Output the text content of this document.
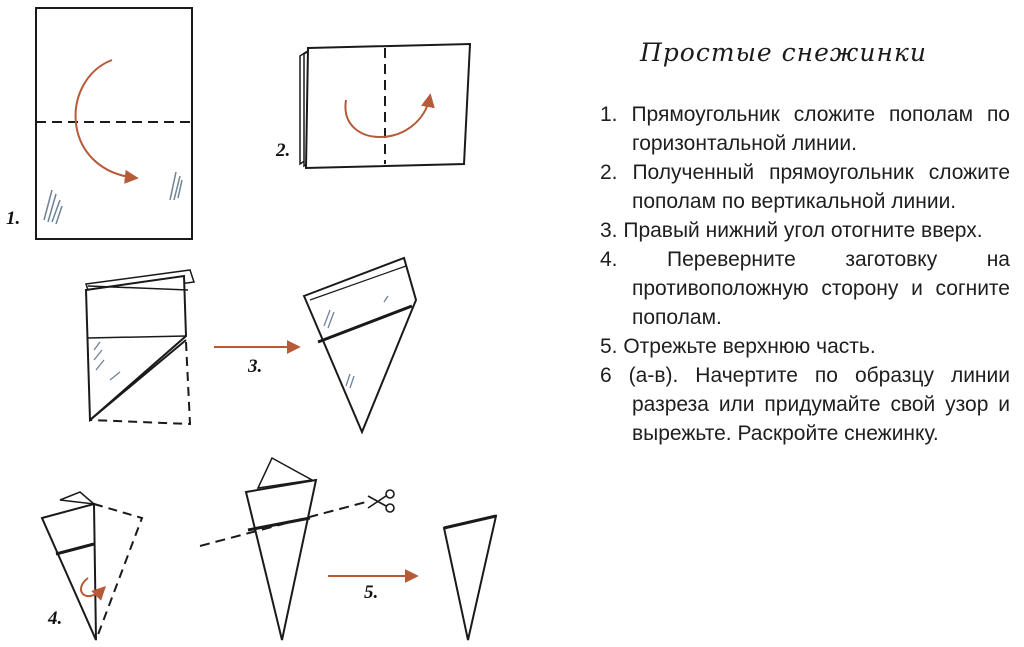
1.
2.
3.
4.
5.
Простые снежинки
1. Прямоугольник сложите пополам по горизонтальной линии.
2. Полученный прямоугольник сложите пополам по вертикальной линии.
3. Правый нижний угол отогните вверх.
4. Переверните заготовку на противоположную сторону и согните пополам.
5. Отрежьте верхнюю часть.
6 (а-в). Начертите по образцу линии разреза или придумайте свой узор и вырежьте. Раскройте снежинку.
